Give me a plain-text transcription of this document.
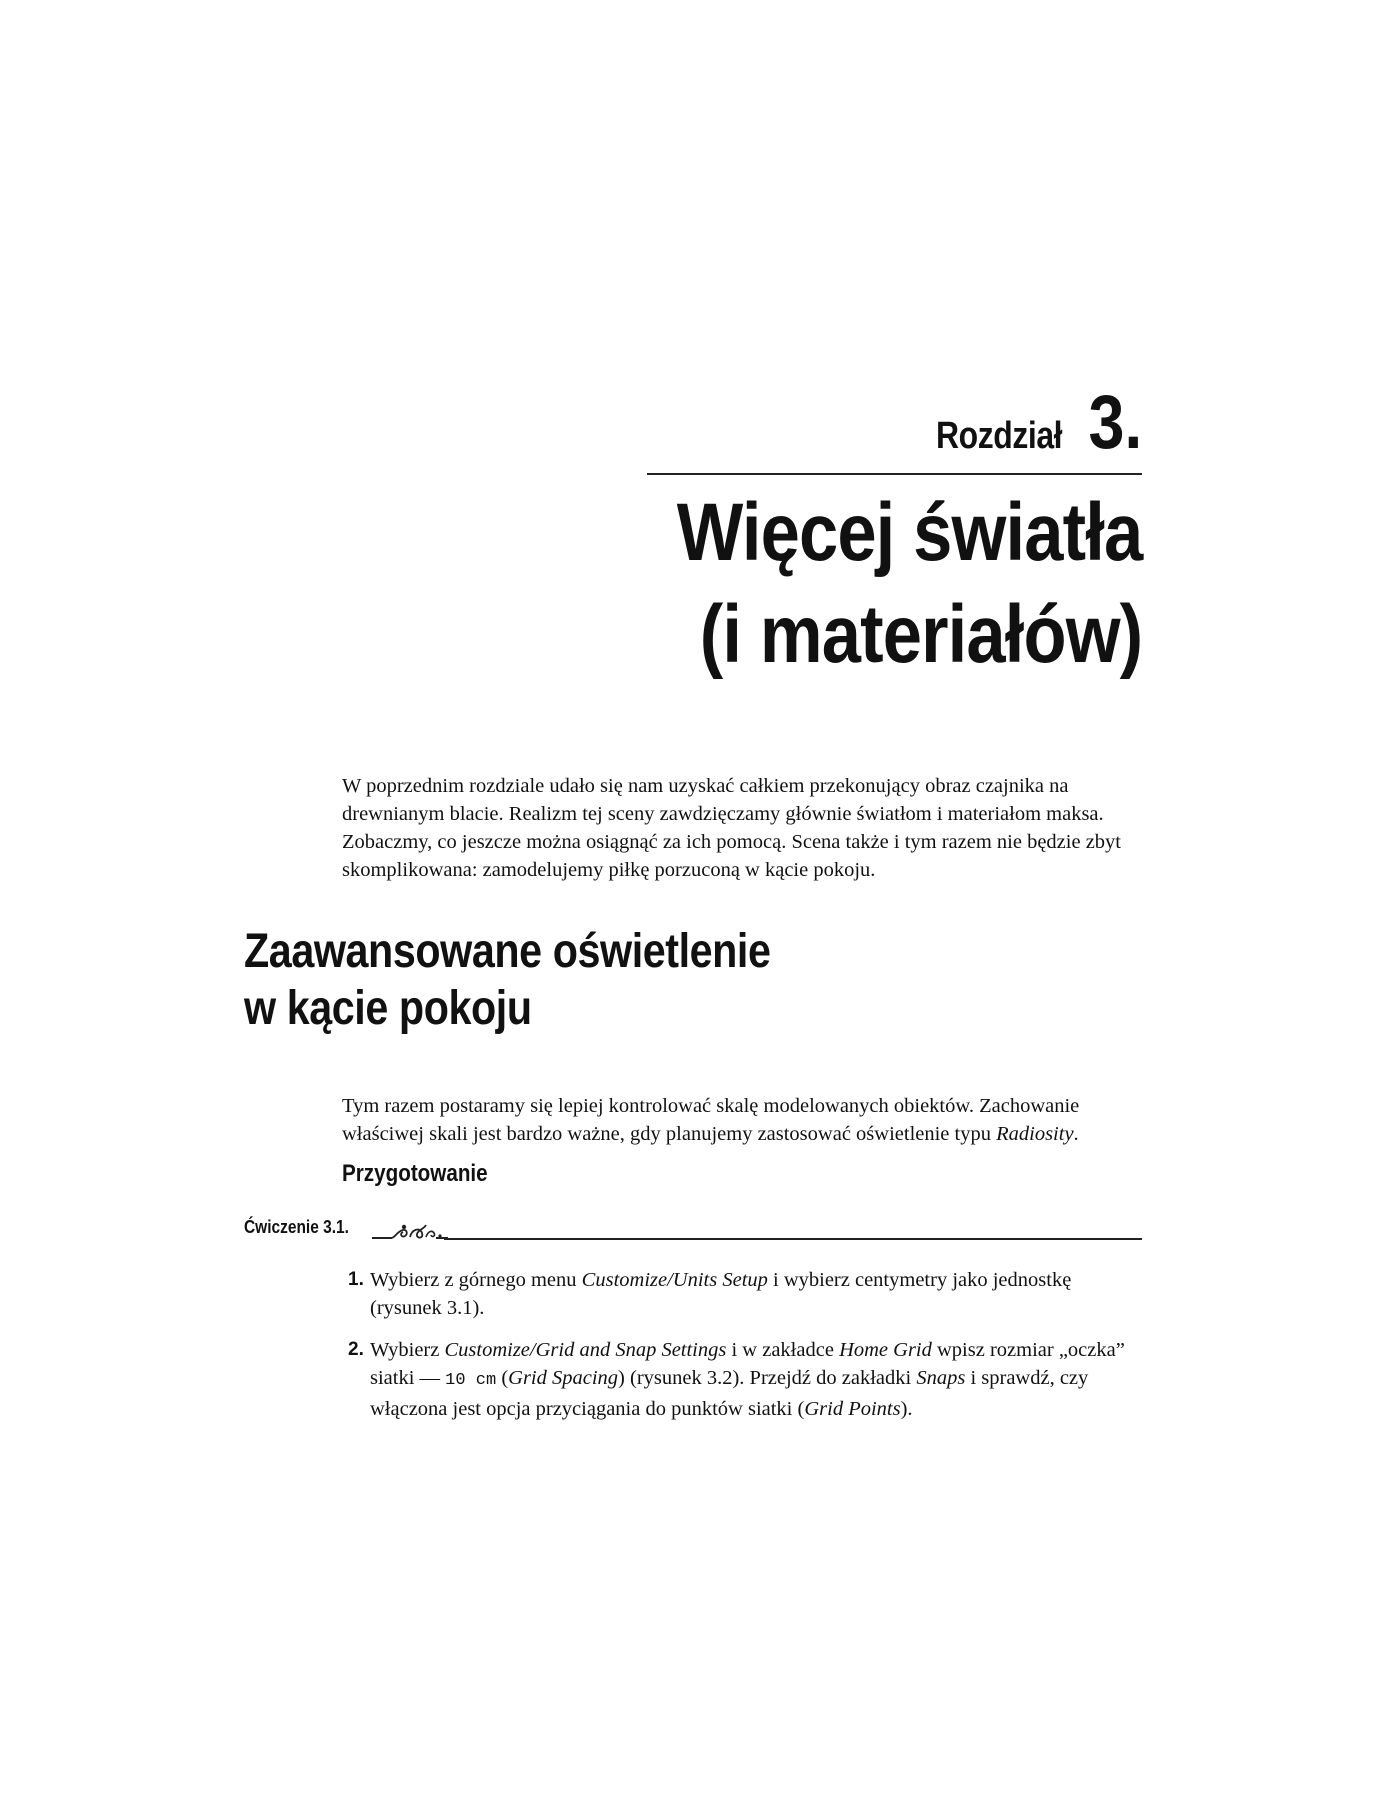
Rozdział 3.
Więcej światła
(i materiałów)

W poprzednim rozdziale udało się nam uzyskać całkiem przekonujący obraz czajnika na drewnianym blacie. Realizm tej sceny zawdzięczamy głównie światłom i materiałom maksa. Zobaczmy, co jeszcze można osiągnąć za ich pomocą. Scena także i tym razem nie będzie zbyt skomplikowana: zamodelujemy piłkę porzuconą w kącie pokoju.

Zaawansowane oświetlenie
w kącie pokoju

Tym razem postaramy się lepiej kontrolować skalę modelowanych obiektów. Zachowanie właściwej skali jest bardzo ważne, gdy planujemy zastosować oświetlenie typu Radiosity.

Przygotowanie
Ćwiczenie 3.1.
1. Wybierz z górnego menu Customize/Units Setup i wybierz centymetry jako jednostkę (rysunek 3.1).
2. Wybierz Customize/Grid and Snap Settings i w zakładce Home Grid wpisz rozmiar „oczka” siatki — 10 cm (Grid Spacing) (rysunek 3.2). Przejdź do zakładki Snaps i sprawdź, czy włączona jest opcja przyciągania do punktów siatki (Grid Points).
